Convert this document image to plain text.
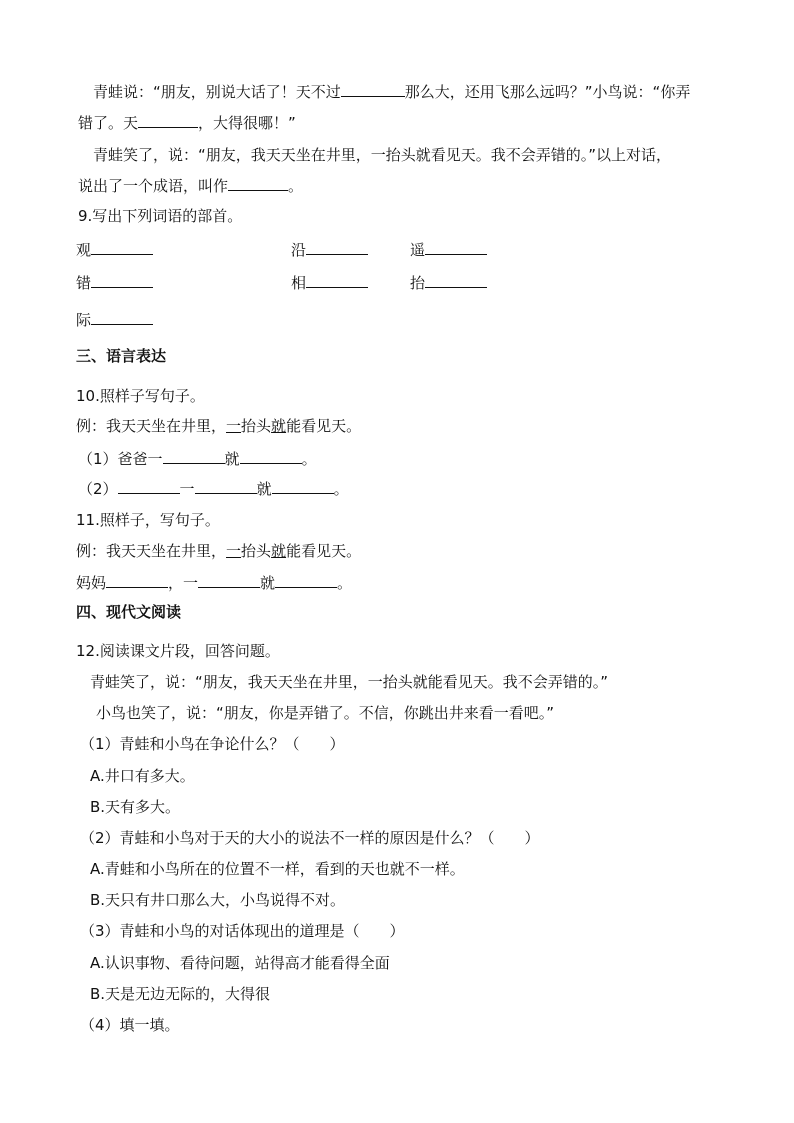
青蛙说：“朋友，别说大话了！天不过	那么大，还用飞那么远吗？”小鸟说：“你弄
错了。天	，大得很哪！”
青蛙笑了，说：“朋友，我天天坐在井里，一抬头就看见天。我不会弄错的。”以上对话，
说出了一个成语，叫作	。
9.写出下列词语的部首。
观	沿	遥
错	相	抬
际
三、语言表达
10.照样子写句子。
例：我天天坐在井里，一抬头就能看见天。
（1）爸爸一	就	。
（2）	一	就	。
11.照样子，写句子。
例：我天天坐在井里，一抬头就能看见天。
妈妈	，一	就	。
四、现代文阅读
12.阅读课文片段，回答问题。
青蛙笑了，说：“朋友，我天天坐在井里，一抬头就能看见天。我不会弄错的。”
小鸟也笑了，说：“朋友，你是弄错了。不信，你跳出井来看一看吧。”
（1）青蛙和小鸟在争论什么？（　　）
A.井口有多大。
B.天有多大。
（2）青蛙和小鸟对于天的大小的说法不一样的原因是什么？（　　）
A.青蛙和小鸟所在的位置不一样，看到的天也就不一样。
B.天只有井口那么大，小鸟说得不对。
（3）青蛙和小鸟的对话体现出的道理是（　　）
A.认识事物、看待问题，站得高才能看得全面
B.天是无边无际的，大得很
（4）填一填。
